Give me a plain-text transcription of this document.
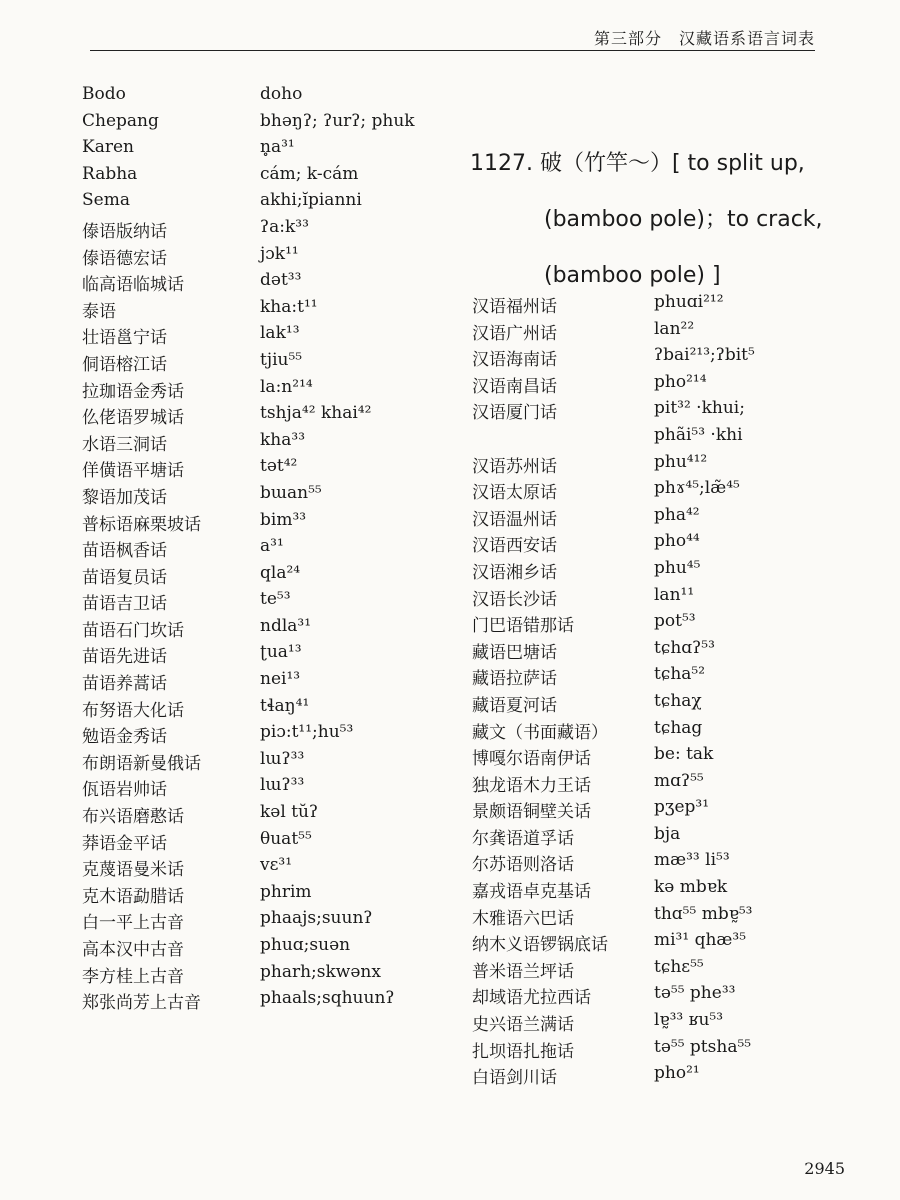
第三部分　汉藏语系语言词表
Bodo	doho
Chepang	bhəŋʔ; ʔurʔ; phuk
Karen	n̥a³¹
Rabha	cám; k-cám
Sema	akhi;ĭpianni
傣语版纳话	ʔa:k³³
傣语德宏话	jɔk¹¹
临高语临城话	dət³³
泰语	kha:t¹¹
壮语邕宁话	lak¹³
侗语榕江话	tjiu⁵⁵
拉珈语金秀话	la:n²¹⁴
仫佬语罗城话	tshja⁴² khai⁴²
水语三洞话	kha³³
佯僙语平塘话	tət⁴²
黎语加茂话	bɯan⁵⁵
普标语麻栗坡话	bim³³
苗语枫香话	a³¹
苗语复员话	qla²⁴
苗语吉卫话	te⁵³
苗语石门坎话	ndla³¹
苗语先进话	ʈua¹³
苗语养蒿话	nei¹³
布努语大化话	tɬaŋ⁴¹
勉语金秀话	piɔ:t¹¹;hu⁵³
布朗语新曼俄话	lɯʔ³³
佤语岩帅话	lɯʔ³³
布兴语磨憨话	kəl tŭʔ
莽语金平话	θuat⁵⁵
克蔑语曼米话	vɛ³¹
克木语勐腊话	phrim
白一平上古音	phaajs;suunʔ
高本汉中古音	phuɑ;suən
李方桂上古音	pharh;skwənx
郑张尚芳上古音	phaals;sqhuunʔ
1127. 破（竹竿～）[ to split up,
(bamboo pole)；to crack,
(bamboo pole) ]
汉语福州话	phuɑi²¹²
汉语广州话	lan²²
汉语海南话	ʔbai²¹³;ʔbit⁵
汉语南昌话	pho²¹⁴
汉语厦门话	pit³² ·khui;
phãi⁵³ ·khi
汉语苏州话	phu⁴¹²
汉语太原话	phɤ⁴⁵;læ̃⁴⁵
汉语温州话	pha⁴²
汉语西安话	pho⁴⁴
汉语湘乡话	phu⁴⁵
汉语长沙话	lan¹¹
门巴语错那话	pot⁵³
藏语巴塘话	tɕhɑʔ⁵³
藏语拉萨话	tɕha⁵²
藏语夏河话	tɕhaχ
藏文（书面藏语）	tɕhag
博嘎尔语南伊话	be: tak
独龙语木力王话	mɑʔ⁵⁵
景颇语铜壁关话	pʒep³¹
尔龚语道孚话	bja
尔苏语则洛话	mæ³³ li⁵³
嘉戎语卓克基话	kə mbɐk
木雅语六巴话	thɑ⁵⁵ mbɐ̰⁵³
纳木义语锣锅底话	mi³¹ qhæ³⁵
普米语兰坪话	tɕhɛ⁵⁵
却域语尤拉西话	tə⁵⁵ phe³³
史兴语兰满话	lɐ̰³³ ʁu⁵³
扎坝语扎拖话	tə⁵⁵ ptsha⁵⁵
白语剑川话	pho²¹
2945
